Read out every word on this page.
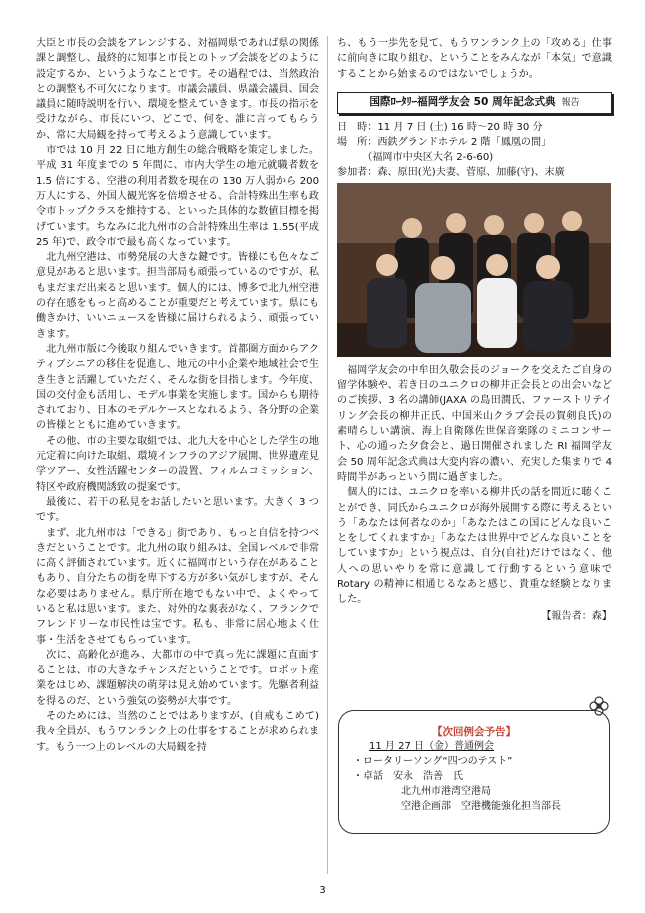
大臣と市長の会談をアレンジする、対福岡県であれば県の関係課と調整し、最終的に知事と市長とのトップ会談をどのように設定するか、というようなことです。その過程では、当然政治との調整も不可欠になります。市議会議員、県議会議員、国会議員に随時説明を行い、環境を整えていきます。市長の指示を受けながら、市長にいつ、どこで、何を、誰に言ってもらうか、常に大局観を持って考えるよう意識しています。

市では 10 月 22 日に地方創生の総合戦略を策定しました。平成 31 年度までの 5 年間に、市内大学生の地元就職者数を 1.5 倍にする、空港の利用者数を現在の 130 万人弱から 200 万人にする、外国人観光客を倍増させる、合計特殊出生率も政令市トップクラスを維持する、といった具体的な数値目標を掲げています。ちなみに北九州市の合計特殊出生率は 1.55(平成 25 年)で、政令市で最も高くなっています。

北九州空港は、市勢発展の大きな鍵です。皆様にも色々なご意見があると思います。担当部局も頑張っているのですが、私もまだまだ出来ると思います。個人的には、博多で北九州空港の存在感をもっと高めることが重要だと考えています。県にも働きかけ、いいニュースを皆様に届けられるよう、頑張っていきます。

北九州市版に今後取り組んでいきます。首都圏方面からアクティブシニアの移住を促進し、地元の中小企業や地域社会で生き生きと活躍していただく、そんな街を目指します。今年度、国の交付金も活用し、モデル事業を実施します。国からも期待されており、日本のモデルケースとなれるよう、各分野の企業の皆様とともに進めていきます。

その他、市の主要な取組では、北九大を中心とした学生の地元定着に向けた取組、環境インフラのアジア展開、世界遺産見学ツアー、女性活躍センターの設置、フィルムコミッション、特区や政府機関誘致の提案です。

最後に、若干の私見をお話したいと思います。大きく 3 つです。

まず、北九州市は「できる」街であり、もっと自信を持つべきだということです。北九州の取り組みは、全国レベルで非常に高く評価されています。近くに福岡市という存在があることもあり、自分たちの街を卑下する方が多い気がしますが、そんな必要はありません。県庁所在地でもない中で、よくやっていると私は思います。また、対外的な裏表がなく、フランクでフレンドリーな市民性は宝です。私も、非常に居心地よく仕事・生活をさせてもらっています。

次に、高齢化が進み、大都市の中で真っ先に課題に直面することは、市の大きなチャンスだということです。ロボット産業をはじめ、課題解決の萌芽は見え始めています。先駆者利益を得るのだ、という強気の姿勢が大事です。

そのためには、当然のことではありますが、(自戒もこめて)我々全員が、もうワンランク上の仕事をすることが求められます。もう一つ上のレベルの大局観を持

ち、もう一歩先を見て、もうワンランク上の「攻める」仕事に前向きに取り組む、ということをみんなが「本気」で意識することから始まるのではないでしょうか。

国際ﾛｰﾀﾘｰ福岡学友会 50 周年記念式典 報告
日　時：11 月 7 日 (土) 16 時～20 時 30 分
場　所：西鉄グランドホテル 2 階「鳳凰の間」
　　　（福岡市中央区大名 2-6-60)
参加者：森、原田(光)夫妻、菅原、加藤(守)、末廣

福岡学友会の中牟田久敬会長のジョークを交えたご自身の留学体験や、若き日のユニクロの柳井正会長との出会いなどのご挨拶、3 名の講師(JAXA の島田潤氏、ファーストリテイリング会長の柳井正氏、中国米山クラブ会長の賀剣良氏)の素晴らしい講演、海上自衛隊佐世保音楽隊のミニコンサート、心の通った夕食会と、過日開催されました RI 福岡学友会 50 周年記念式典は大変内容の濃い、充実した集まりで 4 時間半があっという間に過ぎました。

個人的には、ユニクロを率いる柳井氏の話を間近に聴くことができ、同氏からユニクロが海外展開する際に考えるという「あなたは何者なのか」「あなたはこの国にどんな良いことをしてくれますか」「あなたは世界中でどんな良いことをしていますか」という視点は、自分(自社)だけではなく、他人への思いやりを常に意識して行動するという意味で Rotary の精神に相通じるなあと感じ、貴重な経験となりました。

【報告者：森】
【次回例会予告】
11 月 27 日（金）普通例会
・ロータリーソング“四つのテスト”
・卓話　安永　浩善　氏
北九州市港湾空港局
空港企画部　空港機能強化担当部長
3
